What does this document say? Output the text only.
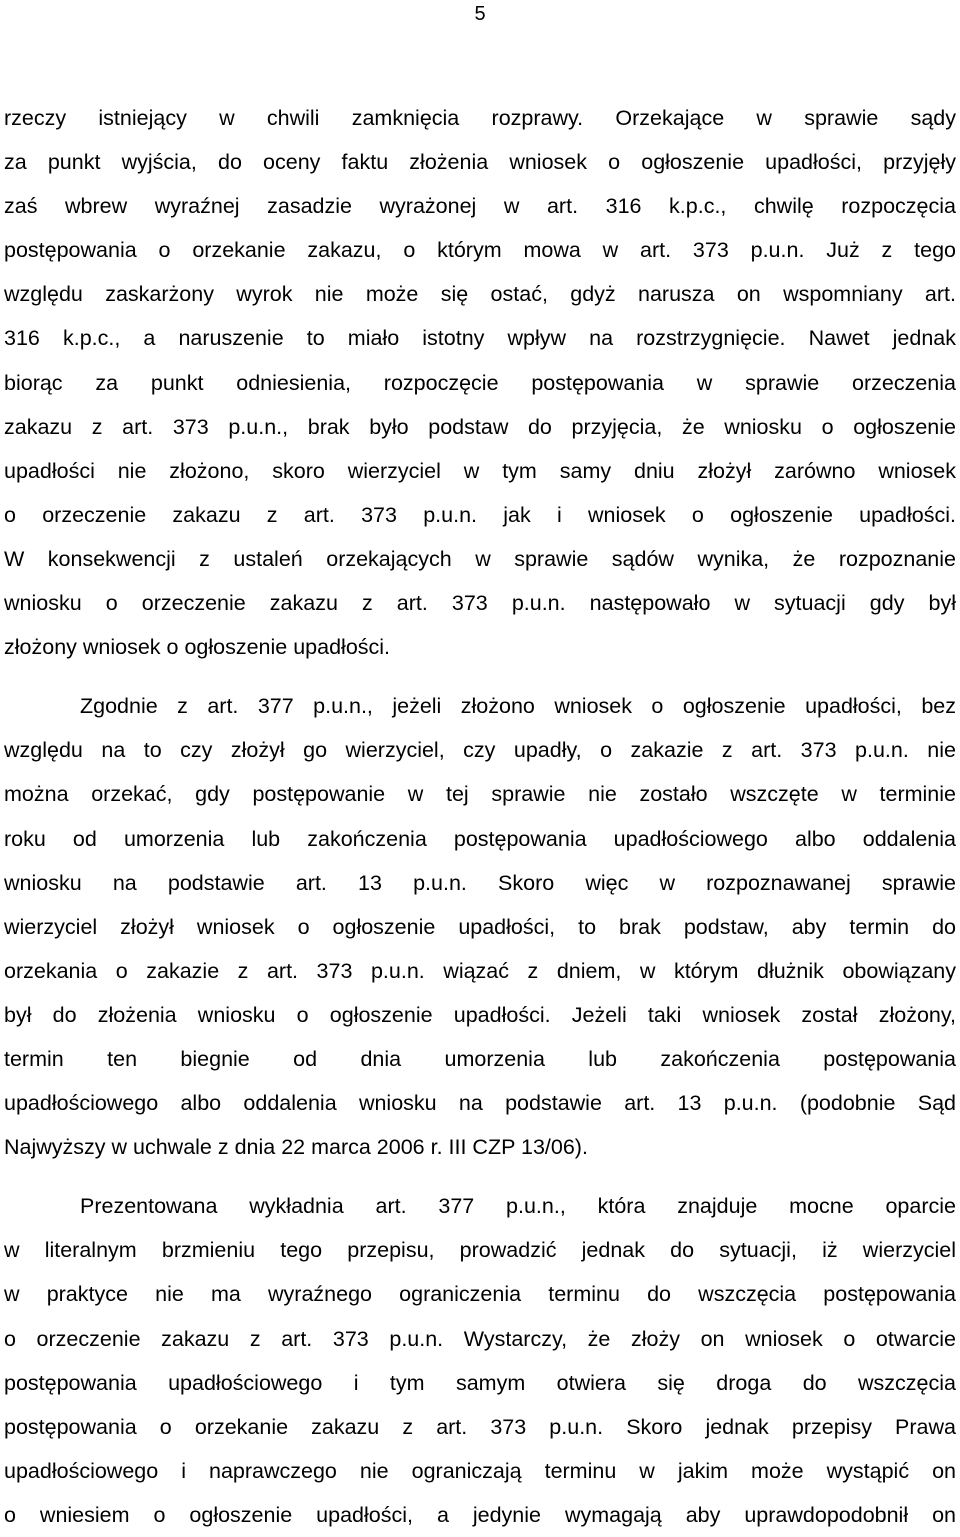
5
rzeczy istniejący w chwili zamknięcia rozprawy. Orzekające w sprawie sądy
za punkt wyjścia, do oceny faktu złożenia wniosek o ogłoszenie upadłości, przyjęły
zaś wbrew wyraźnej zasadzie wyrażonej w art. 316 k.p.c., chwilę rozpoczęcia
postępowania o orzekanie zakazu, o którym mowa w art. 373 p.u.n. Już z tego
względu zaskarżony wyrok nie może się ostać, gdyż narusza on wspomniany art.
316 k.p.c., a naruszenie to miało istotny wpływ na rozstrzygnięcie. Nawet jednak
biorąc za punkt odniesienia, rozpoczęcie postępowania w sprawie orzeczenia
zakazu z art. 373 p.u.n., brak było podstaw do przyjęcia, że wniosku o ogłoszenie
upadłości nie złożono, skoro wierzyciel w tym samy dniu złożył zarówno wniosek
o orzeczenie zakazu z art. 373 p.u.n. jak i wniosek o ogłoszenie upadłości.
W konsekwencji z ustaleń orzekających w sprawie sądów wynika, że rozpoznanie
wniosku o orzeczenie zakazu z art. 373 p.u.n. następowało w sytuacji gdy był
złożony wniosek o ogłoszenie upadłości.
Zgodnie z art. 377 p.u.n., jeżeli złożono wniosek o ogłoszenie upadłości, bez
względu na to czy złożył go wierzyciel, czy upadły, o zakazie z art. 373 p.u.n. nie
można orzekać, gdy postępowanie w tej sprawie nie zostało wszczęte w terminie
roku od umorzenia lub zakończenia postępowania upadłościowego albo oddalenia
wniosku na podstawie art. 13 p.u.n. Skoro więc w rozpoznawanej sprawie
wierzyciel złożył wniosek o ogłoszenie upadłości, to brak podstaw, aby termin do
orzekania o zakazie z art. 373 p.u.n. wiązać z dniem, w którym dłużnik obowiązany
był do złożenia wniosku o ogłoszenie upadłości. Jeżeli taki wniosek został złożony,
termin ten biegnie od dnia umorzenia lub zakończenia postępowania
upadłościowego albo oddalenia wniosku na podstawie art. 13 p.u.n. (podobnie Sąd
Najwyższy w uchwale z dnia 22 marca 2006 r. III CZP 13/06).
Prezentowana wykładnia art. 377 p.u.n., która znajduje mocne oparcie
w literalnym brzmieniu tego przepisu, prowadzić jednak do sytuacji, iż wierzyciel
w praktyce nie ma wyraźnego ograniczenia terminu do wszczęcia postępowania
o orzeczenie zakazu z art. 373 p.u.n. Wystarczy, że złoży on wniosek o otwarcie
postępowania upadłościowego i tym samym otwiera się droga do wszczęcia
postępowania o orzekanie zakazu z art. 373 p.u.n. Skoro jednak przepisy Prawa
upadłościowego i naprawczego nie ograniczają terminu w jakim może wystąpić on
o wniesiem o ogłoszenie upadłości, a jedynie wymagają aby uprawdopodobnił on
